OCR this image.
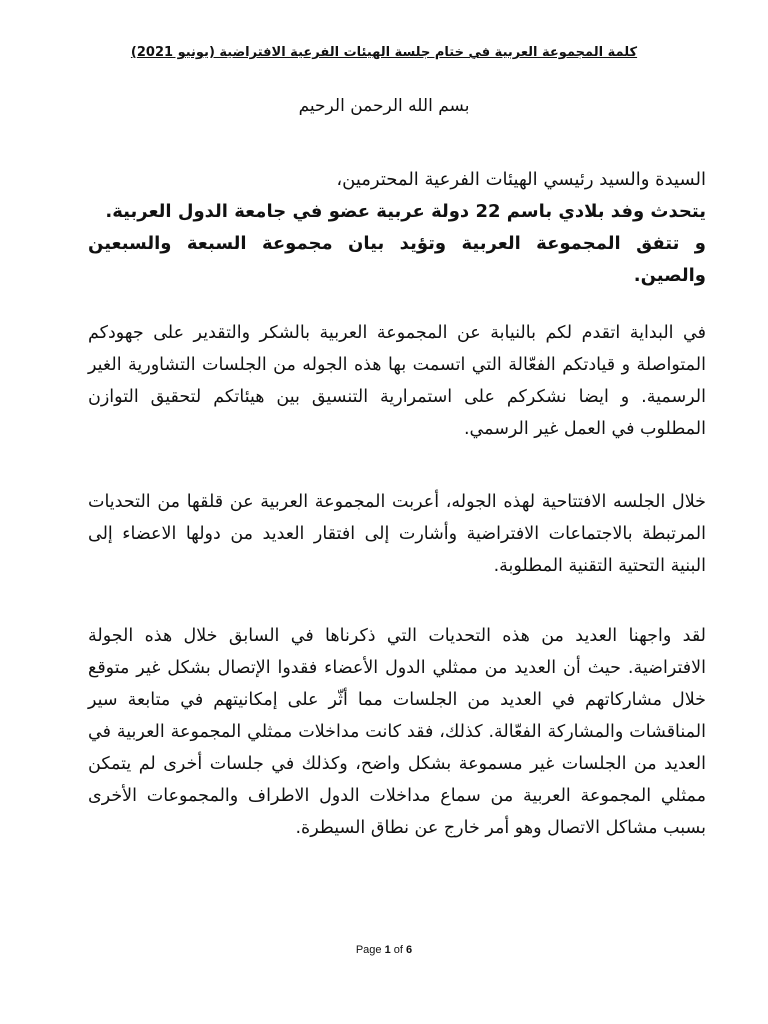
كلمة المجموعة العربية في ختام جلسة الهيئات الفرعية الافتراضية (يونيو 2021)
بسم الله الرحمن الرحيم
السيدة والسيد رئيسي الهيئات الفرعية المحترمين،
يتحدث وفد بلادي باسم 22 دولة عربية عضو في جامعة الدول العربية.
و تتفق المجموعة العربية وتؤيد بيان مجموعة السبعة والسبعين والصين.

في البداية اتقدم لكم بالنيابة عن المجموعة العربية بالشكر والتقدير على جهودكم المتواصلة و قيادتكم الفعّالة التي اتسمت بها هذه الجوله من الجلسات التشاورية الغير الرسمية. و ايضا نشكركم على استمرارية التنسيق بين هيئاتكم لتحقيق التوازن المطلوب في العمل غير الرسمي.

خلال الجلسه الافتتاحية لهذه الجوله، أعربت المجموعة العربية عن قلقها من التحديات المرتبطة بالاجتماعات الافتراضية وأشارت إلى افتقار العديد من دولها الاعضاء إلى البنية التحتية التقنية المطلوبة.

لقد واجهنا العديد من هذه التحديات التي ذكرناها في السابق خلال هذه الجولة الافتراضية. حيث أن العديد من ممثلي الدول الأعضاء فقدوا الإتصال بشكل غير متوقع خلال مشاركاتهم في العديد من الجلسات مما أثّر على إمكانيتهم في متابعة سير المناقشات والمشاركة الفعّالة. كذلك، فقد كانت مداخلات ممثلي المجموعة العربية في العديد من الجلسات غير مسموعة بشكل واضح، وكذلك في جلسات أخرى لم يتمكن ممثلي المجموعة العربية من سماع مداخلات الدول الاطراف والمجموعات الأخرى بسبب مشاكل الاتصال وهو أمر خارج عن نطاق السيطرة.

Page 1 of 6
